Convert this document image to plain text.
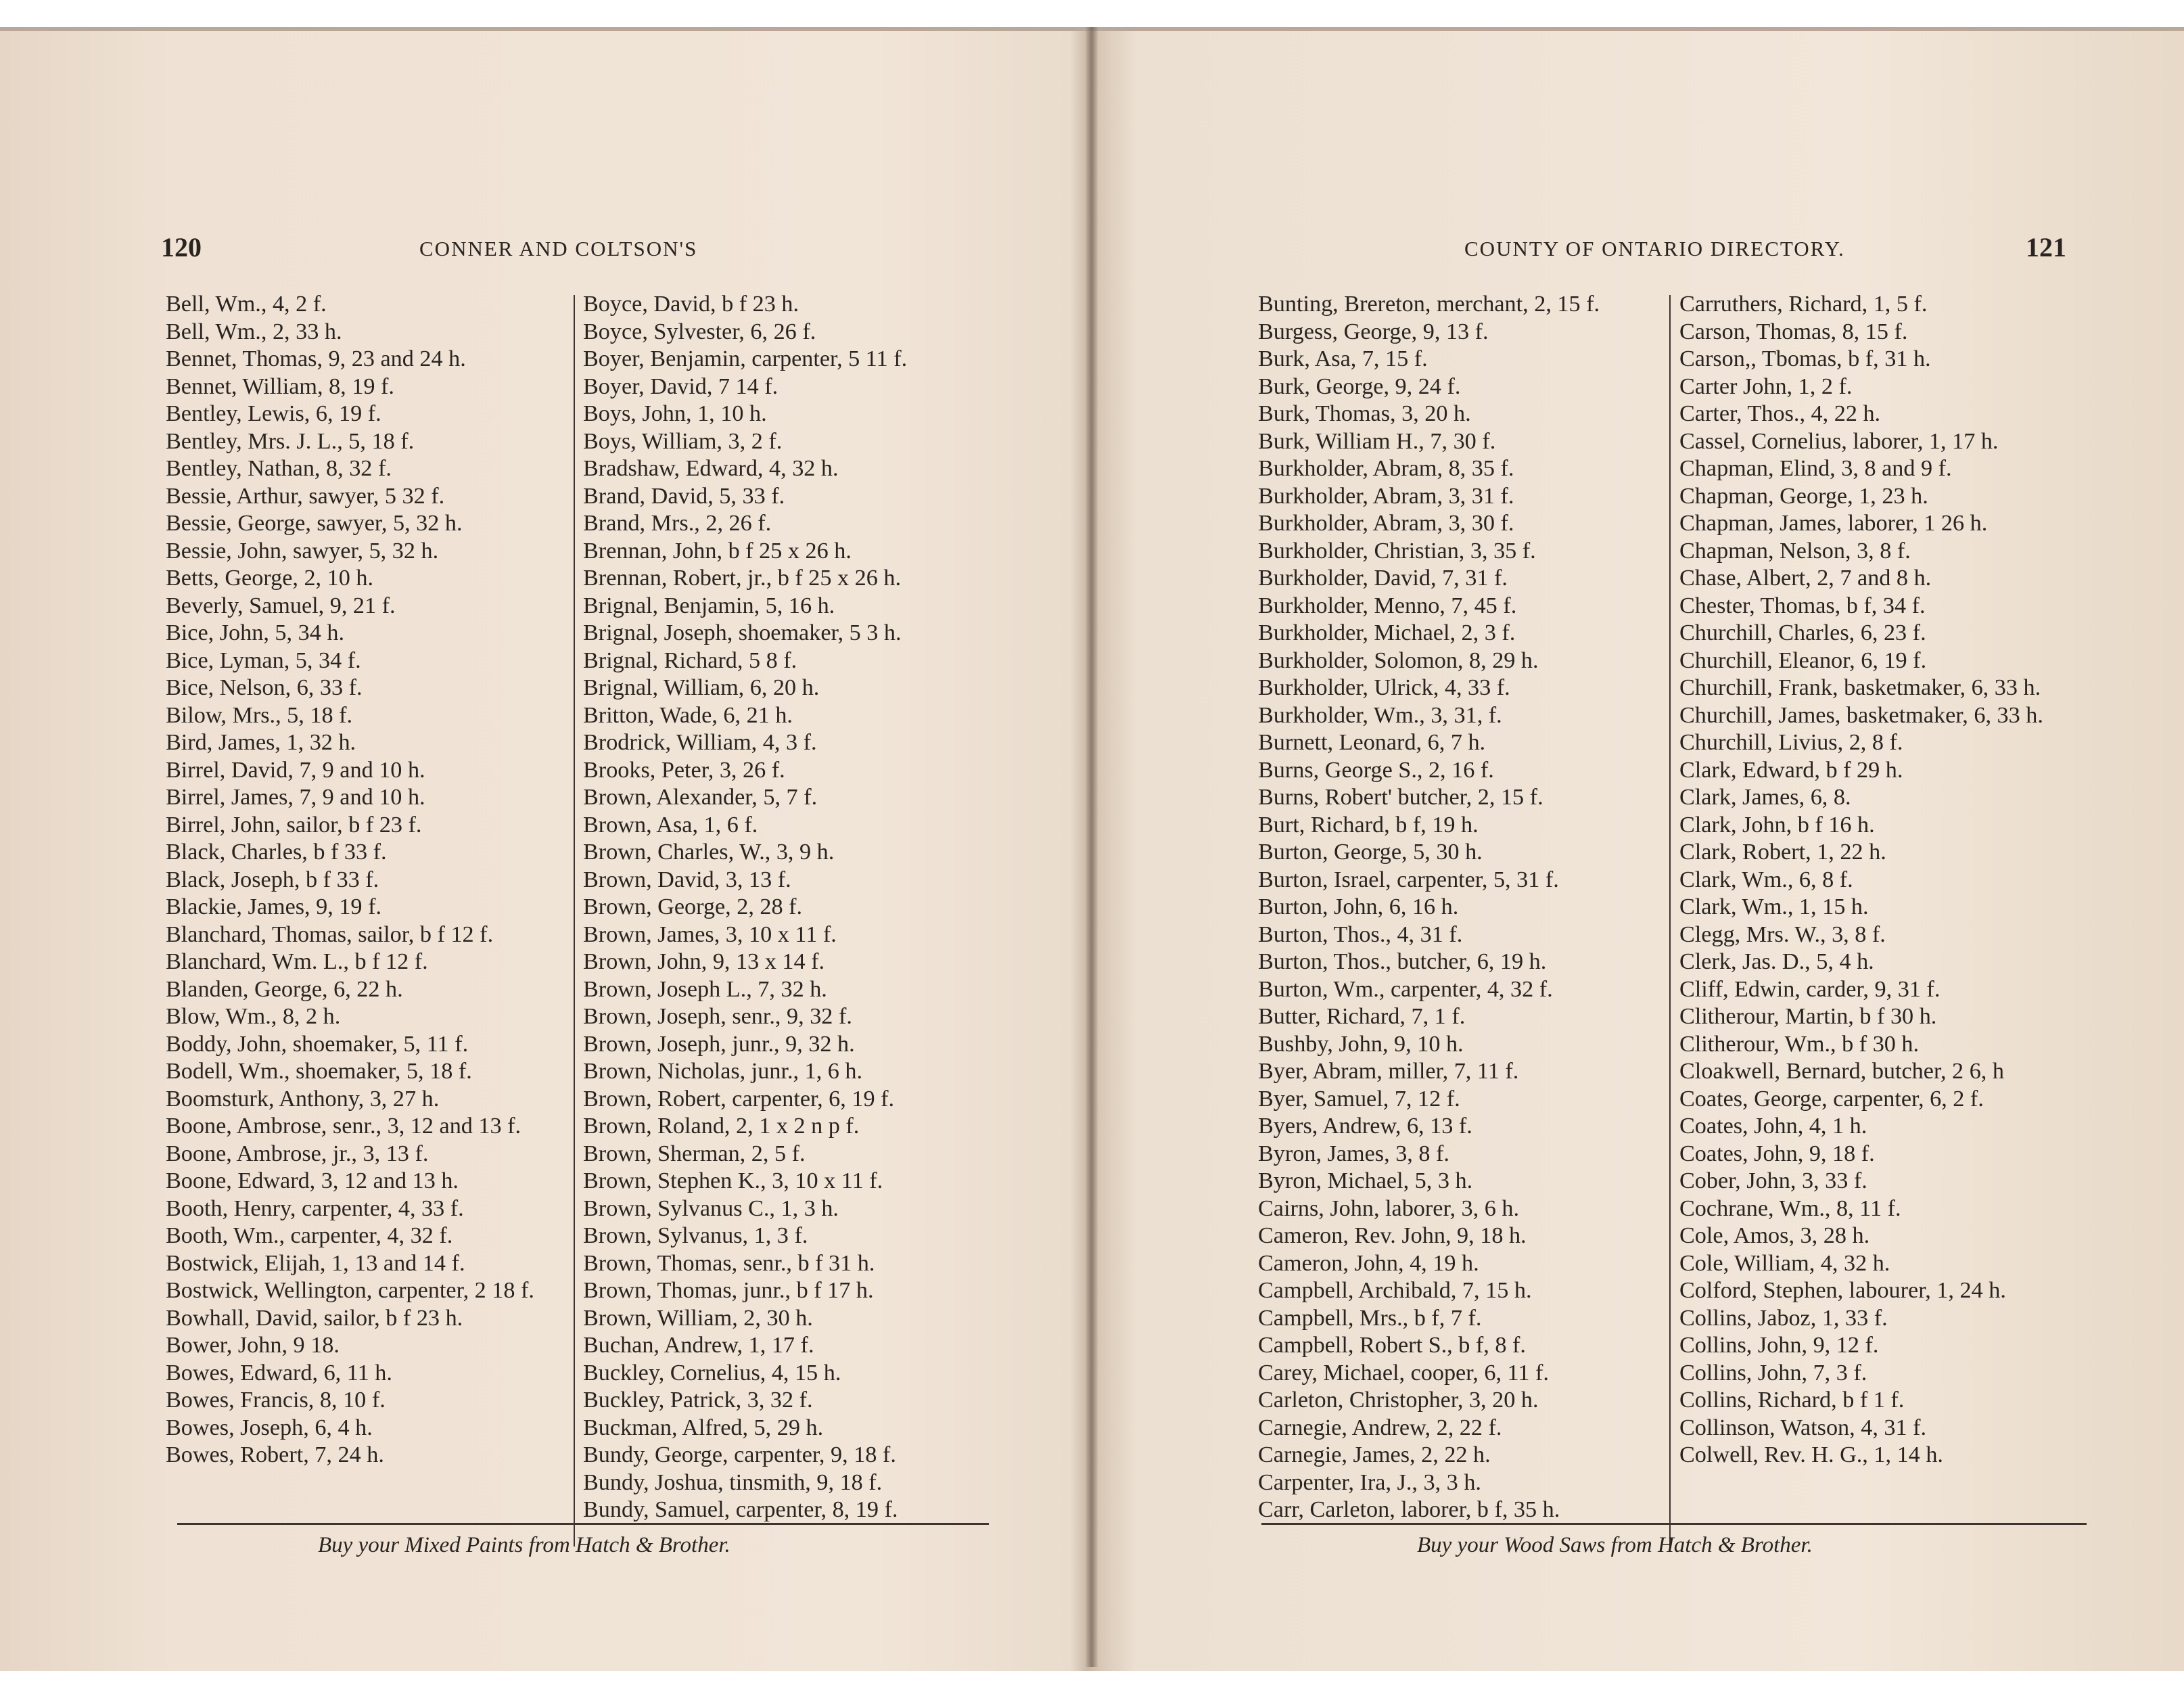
120	CONNER AND COLTSON'S
Bell, Wm., 4, 2 f.
Bell, Wm., 2, 33 h.
Bennet, Thomas, 9, 23 and 24 h.
Bennet, William, 8, 19 f.
Bentley, Lewis, 6, 19 f.
Bentley, Mrs. J. L., 5, 18 f.
Bentley, Nathan, 8, 32 f.
Bessie, Arthur, sawyer, 5 32 f.
Bessie, George, sawyer, 5, 32 h.
Bessie, John, sawyer, 5, 32 h.
Betts, George, 2, 10 h.
Beverly, Samuel, 9, 21 f.
Bice, John, 5, 34 h.
Bice, Lyman, 5, 34 f.
Bice, Nelson, 6, 33 f.
Bilow, Mrs., 5, 18 f.
Bird, James, 1, 32 h.
Birrel, David, 7, 9 and 10 h.
Birrel, James, 7, 9 and 10 h.
Birrel, John, sailor, b f 23 f.
Black, Charles, b f 33 f.
Black, Joseph, b f 33 f.
Blackie, James, 9, 19 f.
Blanchard, Thomas, sailor, b f 12 f.
Blanchard, Wm. L., b f 12 f.
Blanden, George, 6, 22 h.
Blow, Wm., 8, 2 h.
Boddy, John, shoemaker, 5, 11 f.
Bodell, Wm., shoemaker, 5, 18 f.
Boomsturk, Anthony, 3, 27 h.
Boone, Ambrose, senr., 3, 12 and 13 f.
Boone, Ambrose, jr., 3, 13 f.
Boone, Edward, 3, 12 and 13 h.
Booth, Henry, carpenter, 4, 33 f.
Booth, Wm., carpenter, 4, 32 f.
Bostwick, Elijah, 1, 13 and 14 f.
Bostwick, Wellington, carpenter, 2 18 f.
Bowhall, David, sailor, b f 23 h.
Bower, John, 9 18.
Bowes, Edward, 6, 11 h.
Bowes, Francis, 8, 10 f.
Bowes, Joseph, 6, 4 h.
Bowes, Robert, 7, 24 h.
Boyce, David, b f 23 h.
Boyce, Sylvester, 6, 26 f.
Boyer, Benjamin, carpenter, 5 11 f.
Boyer, David, 7 14 f.
Boys, John, 1, 10 h.
Boys, William, 3, 2 f.
Bradshaw, Edward, 4, 32 h.
Brand, David, 5, 33 f.
Brand, Mrs., 2, 26 f.
Brennan, John, b f 25 x 26 h.
Brennan, Robert, jr., b f 25 x 26 h.
Brignal, Benjamin, 5, 16 h.
Brignal, Joseph, shoemaker, 5 3 h.
Brignal, Richard, 5 8 f.
Brignal, William, 6, 20 h.
Britton, Wade, 6, 21 h.
Brodrick, William, 4, 3 f.
Brooks, Peter, 3, 26 f.
Brown, Alexander, 5, 7 f.
Brown, Asa, 1, 6 f.
Brown, Charles, W., 3, 9 h.
Brown, David, 3, 13 f.
Brown, George, 2, 28 f.
Brown, James, 3, 10 x 11 f.
Brown, John, 9, 13 x 14 f.
Brown, Joseph L., 7, 32 h.
Brown, Joseph, senr., 9, 32 f.
Brown, Joseph, junr., 9, 32 h.
Brown, Nicholas, junr., 1, 6 h.
Brown, Robert, carpenter, 6, 19 f.
Brown, Roland, 2, 1 x 2 n p f.
Brown, Sherman, 2, 5 f.
Brown, Stephen K., 3, 10 x 11 f.
Brown, Sylvanus C., 1, 3 h.
Brown, Sylvanus, 1, 3 f.
Brown, Thomas, senr., b f 31 h.
Brown, Thomas, junr., b f 17 h.
Brown, William, 2, 30 h.
Buchan, Andrew, 1, 17 f.
Buckley, Cornelius, 4, 15 h.
Buckley, Patrick, 3, 32 f.
Buckman, Alfred, 5, 29 h.
Bundy, George, carpenter, 9, 18 f.
Bundy, Joshua, tinsmith, 9, 18 f.
Bundy, Samuel, carpenter, 8, 19 f.
Buy your Mixed Paints from Hatch & Brother.
COUNTY OF ONTARIO DIRECTORY.	121
Bunting, Brereton, merchant, 2, 15 f.
Burgess, George, 9, 13 f.
Burk, Asa, 7, 15 f.
Burk, George, 9, 24 f.
Burk, Thomas, 3, 20 h.
Burk, William H., 7, 30 f.
Burkholder, Abram, 8, 35 f.
Burkholder, Abram, 3, 31 f.
Burkholder, Abram, 3, 30 f.
Burkholder, Christian, 3, 35 f.
Burkholder, David, 7, 31 f.
Burkholder, Menno, 7, 45 f.
Burkholder, Michael, 2, 3 f.
Burkholder, Solomon, 8, 29 h.
Burkholder, Ulrick, 4, 33 f.
Burkholder, Wm., 3, 31, f.
Burnett, Leonard, 6, 7 h.
Burns, George S., 2, 16 f.
Burns, Robert' butcher, 2, 15 f.
Burt, Richard, b f, 19 h.
Burton, George, 5, 30 h.
Burton, Israel, carpenter, 5, 31 f.
Burton, John, 6, 16 h.
Burton, Thos., 4, 31 f.
Burton, Thos., butcher, 6, 19 h.
Burton, Wm., carpenter, 4, 32 f.
Butter, Richard, 7, 1 f.
Bushby, John, 9, 10 h.
Byer, Abram, miller, 7, 11 f.
Byer, Samuel, 7, 12 f.
Byers, Andrew, 6, 13 f.
Byron, James, 3, 8 f.
Byron, Michael, 5, 3 h.
Cairns, John, laborer, 3, 6 h.
Cameron, Rev. John, 9, 18 h.
Cameron, John, 4, 19 h.
Campbell, Archibald, 7, 15 h.
Campbell, Mrs., b f, 7 f.
Campbell, Robert S., b f, 8 f.
Carey, Michael, cooper, 6, 11 f.
Carleton, Christopher, 3, 20 h.
Carnegie, Andrew, 2, 22 f.
Carnegie, James, 2, 22 h.
Carpenter, Ira, J., 3, 3 h.
Carr, Carleton, laborer, b f, 35 h.
Carruthers, Richard, 1, 5 f.
Carson, Thomas, 8, 15 f.
Carson,, Tbomas, b f, 31 h.
Carter John, 1, 2 f.
Carter, Thos., 4, 22 h.
Cassel, Cornelius, laborer, 1, 17 h.
Chapman, Elind, 3, 8 and 9 f.
Chapman, George, 1, 23 h.
Chapman, James, laborer, 1 26 h.
Chapman, Nelson, 3, 8 f.
Chase, Albert, 2, 7 and 8 h.
Chester, Thomas, b f, 34 f.
Churchill, Charles, 6, 23 f.
Churchill, Eleanor, 6, 19 f.
Churchill, Frank, basketmaker, 6, 33 h.
Churchill, James, basketmaker, 6, 33 h.
Churchill, Livius, 2, 8 f.
Clark, Edward, b f 29 h.
Clark, James, 6, 8.
Clark, John, b f 16 h.
Clark, Robert, 1, 22 h.
Clark, Wm., 6, 8 f.
Clark, Wm., 1, 15 h.
Clegg, Mrs. W., 3, 8 f.
Clerk, Jas. D., 5, 4 h.
Cliff, Edwin, carder, 9, 31 f.
Clitherour, Martin, b f 30 h.
Clitherour, Wm., b f 30 h.
Cloakwell, Bernard, butcher, 2 6, h
Coates, George, carpenter, 6, 2 f.
Coates, John, 4, 1 h.
Coates, John, 9, 18 f.
Cober, John, 3, 33 f.
Cochrane, Wm., 8, 11 f.
Cole, Amos, 3, 28 h.
Cole, William, 4, 32 h.
Colford, Stephen, labourer, 1, 24 h.
Collins, Jaboz, 1, 33 f.
Collins, John, 9, 12 f.
Collins, John, 7, 3 f.
Collins, Richard, b f 1 f.
Collinson, Watson, 4, 31 f.
Colwell, Rev. H. G., 1, 14 h.
Buy your Wood Saws from Hatch & Brother.
